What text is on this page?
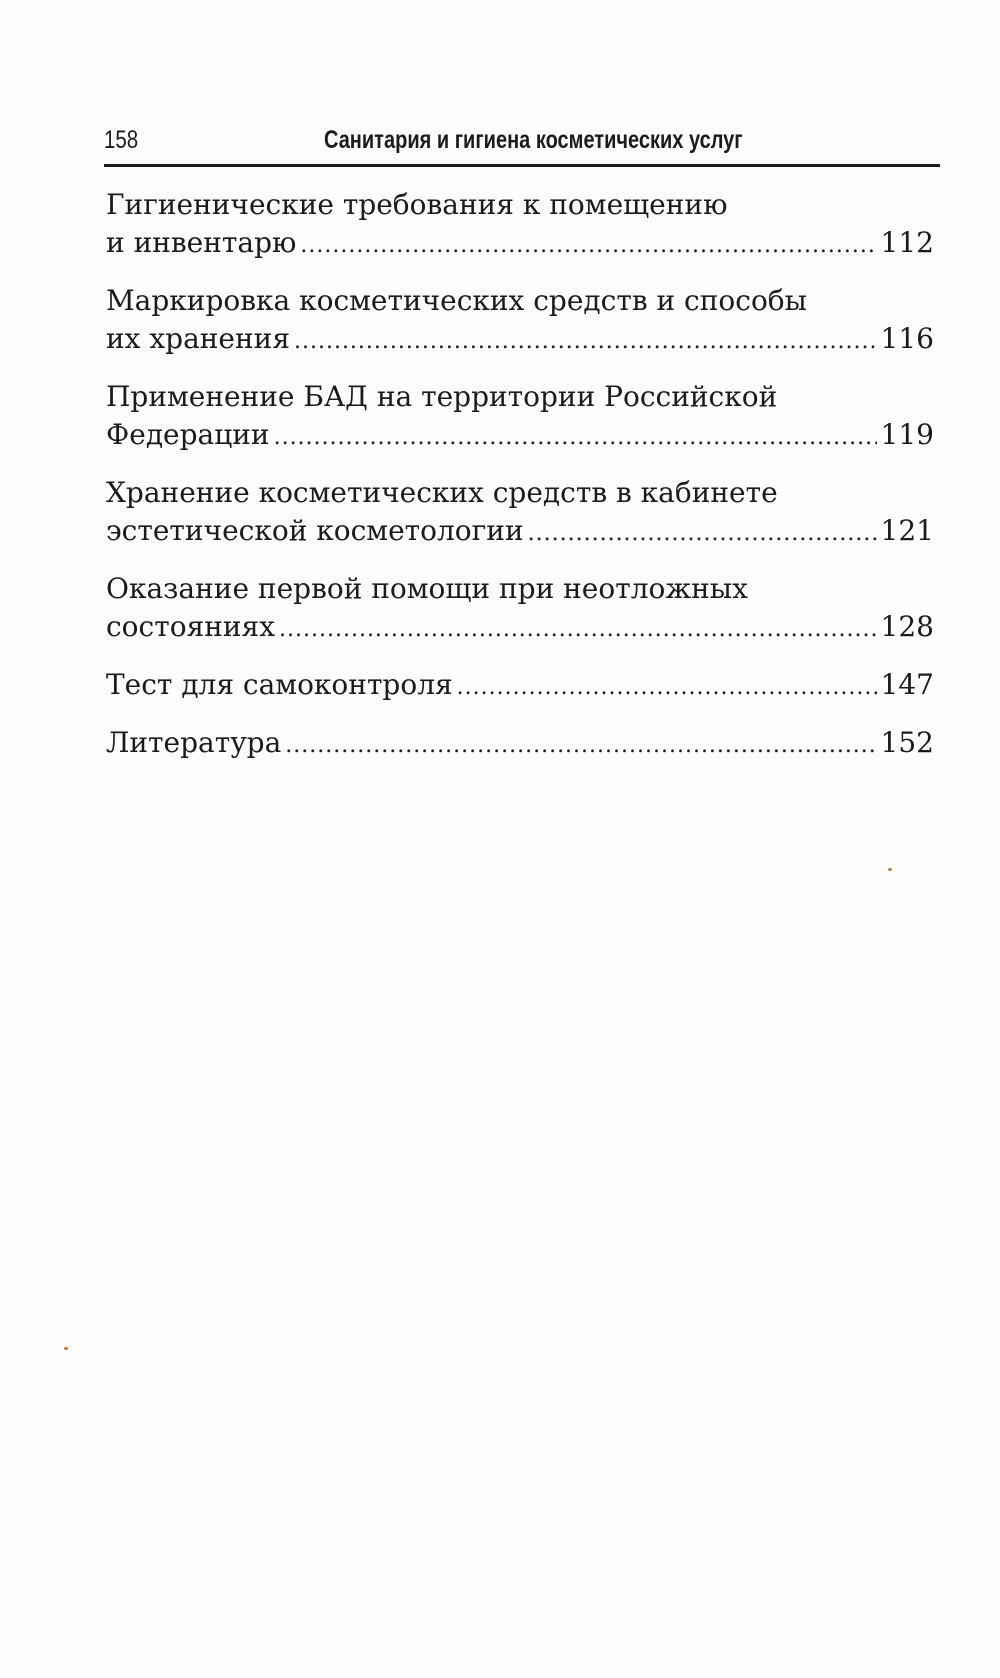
158	Санитария и гигиена косметических услуг
Гигиенические требования к помещению
и инвентарю .....	112
Маркировка косметических средств и способы
их хранения .....	116
Применение БАД на территории Российской
Федерации .....	119
Хранение косметических средств в кабинете
эстетической косметологии .....	121
Оказание первой помощи при неотложных
состояниях .....	128
Тест для самоконтроля .....	147
Литература .....	152
